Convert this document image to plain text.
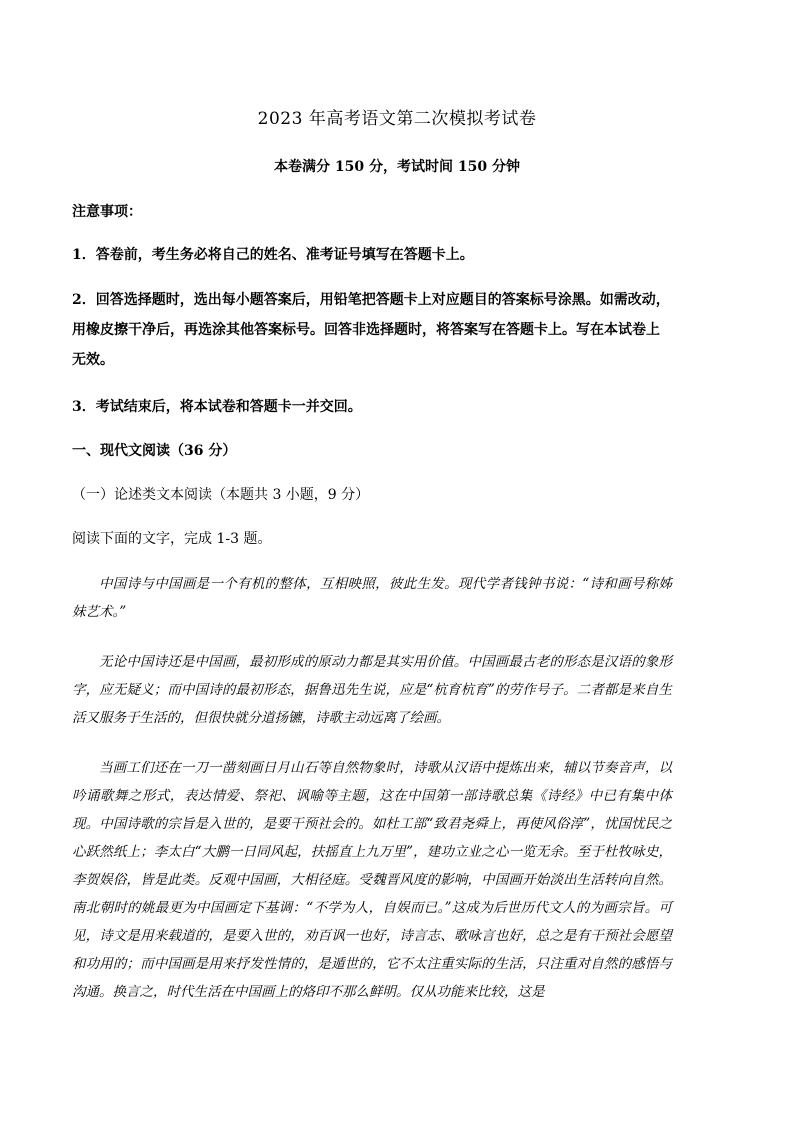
2023 年高考语文第二次模拟考试卷
本卷满分 150 分，考试时间 150 分钟
注意事项：
1．答卷前，考生务必将自己的姓名、准考证号填写在答题卡上。
2．回答选择题时，选出每小题答案后，用铅笔把答题卡上对应题目的答案标号涂黑。如需改动，用橡皮擦干净后，再选涂其他答案标号。回答非选择题时，将答案写在答题卡上。写在本试卷上无效。
3．考试结束后，将本试卷和答题卡一并交回。
一、现代文阅读（36 分）
（一）论述类文本阅读（本题共 3 小题，9 分）
阅读下面的文字，完成 1-3 题。
中国诗与中国画是一个有机的整体，互相映照，彼此生发。现代学者钱钟书说：“诗和画号称姊妹艺术。”
无论中国诗还是中国画，最初形成的原动力都是其实用价值。中国画最古老的形态是汉语的象形字，应无疑义；而中国诗的最初形态，据鲁迅先生说，应是“杭育杭育”的劳作号子。二者都是来自生活又服务于生活的，但很快就分道扬镳，诗歌主动远离了绘画。
当画工们还在一刀一凿刻画日月山石等自然物象时，诗歌从汉语中提炼出来，辅以节奏音声，以吟诵歌舞之形式，表达情爱、祭祀、讽喻等主题，这在中国第一部诗歌总集《诗经》中已有集中体现。中国诗歌的宗旨是入世的，是要干预社会的。如杜工部“致君尧舜上，再使风俗淳”，忧国忧民之心跃然纸上；李太白“大鹏一日同风起，扶摇直上九万里”，建功立业之心一览无余。至于杜牧咏史，李贺娱俗，皆是此类。反观中国画，大相径庭。受魏晋风度的影响，中国画开始淡出生活转向自然。南北朝时的姚最更为中国画定下基调：“不学为人，自娱而已。”这成为后世历代文人的为画宗旨。可见，诗文是用来载道的，是要入世的，劝百讽一也好，诗言志、歌咏言也好，总之是有干预社会愿望和功用的；而中国画是用来抒发性情的，是遁世的，它不太注重实际的生活，只注重对自然的感悟与沟通。换言之，时代生活在中国画上的烙印不那么鲜明。仅从功能来比较，这是
